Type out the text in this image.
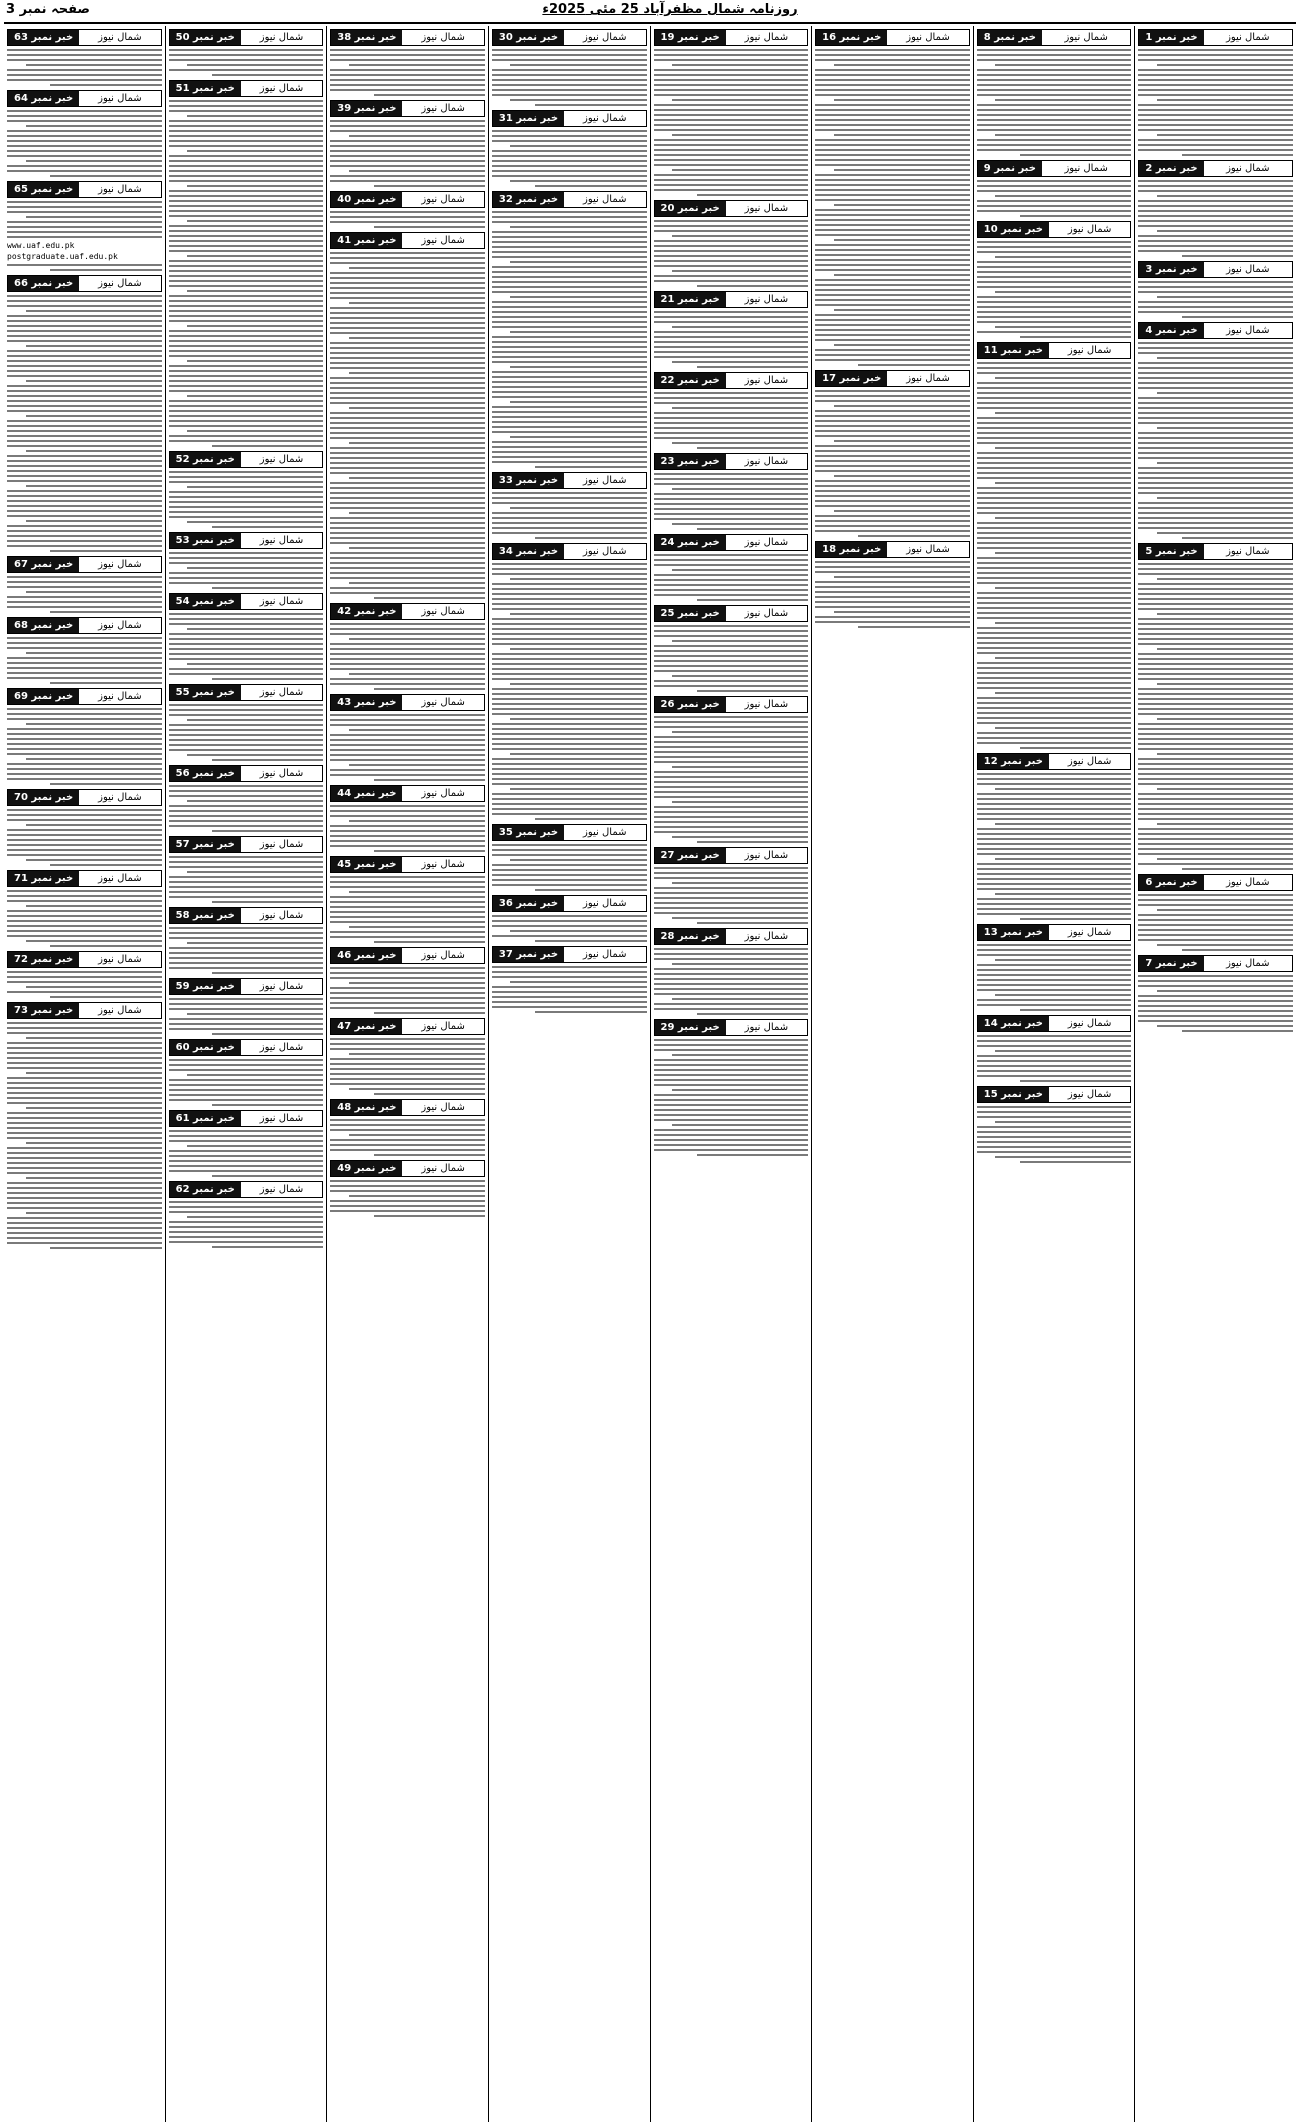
صفحہ نمبر 3	روزنامہ شمال مظفرآباد 25 مئی 2025ء
خبر نمبر 1	شمال نیوز
خبر نمبر 2	شمال نیوز
خبر نمبر 3	شمال نیوز
خبر نمبر 4	شمال نیوز
خبر نمبر 5	شمال نیوز
خبر نمبر 6	شمال نیوز
خبر نمبر 7	شمال نیوز
خبر نمبر 8	شمال نیوز
خبر نمبر 9	شمال نیوز
خبر نمبر 10	شمال نیوز
خبر نمبر 11	شمال نیوز
خبر نمبر 12	شمال نیوز
خبر نمبر 13	شمال نیوز
خبر نمبر 14	شمال نیوز
خبر نمبر 15	شمال نیوز
خبر نمبر 16	شمال نیوز
خبر نمبر 17	شمال نیوز
خبر نمبر 18	شمال نیوز
خبر نمبر 19	شمال نیوز
خبر نمبر 20	شمال نیوز
خبر نمبر 21	شمال نیوز
خبر نمبر 22	شمال نیوز
خبر نمبر 23	شمال نیوز
خبر نمبر 24	شمال نیوز
خبر نمبر 25	شمال نیوز
خبر نمبر 26	شمال نیوز
خبر نمبر 27	شمال نیوز
خبر نمبر 28	شمال نیوز
خبر نمبر 29	شمال نیوز
خبر نمبر 30	شمال نیوز
خبر نمبر 31	شمال نیوز
خبر نمبر 32	شمال نیوز
خبر نمبر 33	شمال نیوز
خبر نمبر 34	شمال نیوز
خبر نمبر 35	شمال نیوز
خبر نمبر 36	شمال نیوز
خبر نمبر 37	شمال نیوز
خبر نمبر 38	شمال نیوز
خبر نمبر 39	شمال نیوز
خبر نمبر 40	شمال نیوز
خبر نمبر 41	شمال نیوز
خبر نمبر 42	شمال نیوز
خبر نمبر 43	شمال نیوز
خبر نمبر 44	شمال نیوز
خبر نمبر 45	شمال نیوز
خبر نمبر 46	شمال نیوز
خبر نمبر 47	شمال نیوز
خبر نمبر 48	شمال نیوز
خبر نمبر 49	شمال نیوز
خبر نمبر 50	شمال نیوز
خبر نمبر 51	شمال نیوز
خبر نمبر 52	شمال نیوز
خبر نمبر 53	شمال نیوز
خبر نمبر 54	شمال نیوز
خبر نمبر 55	شمال نیوز
خبر نمبر 56	شمال نیوز
خبر نمبر 57	شمال نیوز
خبر نمبر 58	شمال نیوز
خبر نمبر 59	شمال نیوز
خبر نمبر 60	شمال نیوز
خبر نمبر 61	شمال نیوز
خبر نمبر 62	شمال نیوز
خبر نمبر 63	شمال نیوز
خبر نمبر 64	شمال نیوز
خبر نمبر 65	شمال نیوز
www.uaf.edu.pk
postgraduate.uaf.edu.pk
خبر نمبر 66	شمال نیوز
خبر نمبر 67	شمال نیوز
خبر نمبر 68	شمال نیوز
خبر نمبر 69	شمال نیوز
خبر نمبر 70	شمال نیوز
خبر نمبر 71	شمال نیوز
خبر نمبر 72	شمال نیوز
خبر نمبر 73	شمال نیوز
